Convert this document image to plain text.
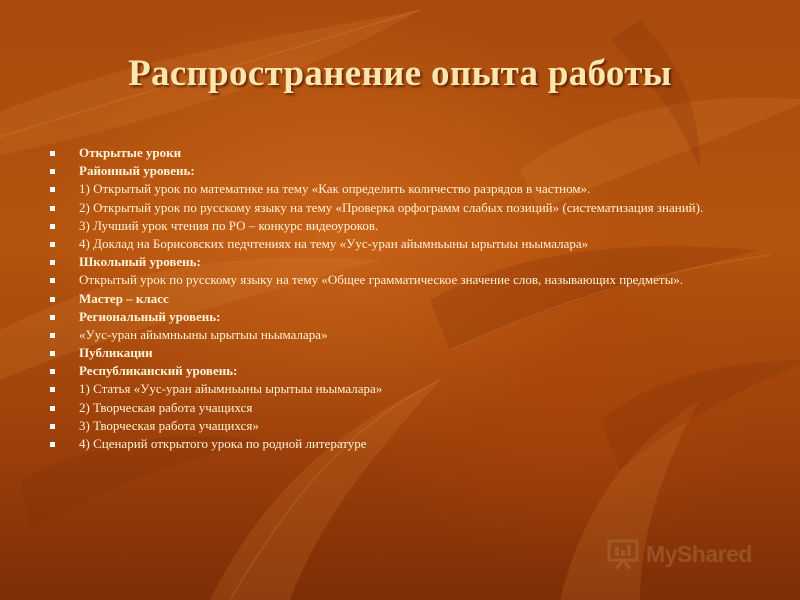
Распространение опыта работы
Открытые уроки
Районный уровень:
1) Открытый урок по математнке на тему «Как определить количество разрядов в частном».
2) Открытый урок по русскому языку на тему «Проверка орфограмм слабых позиций» (систематизация знаний).
3) Лучший урок чтения по РО – конкурс видеоуроков.
4) Доклад на Борисовских педчтениях на тему «Уус-уран айымньыны ырытыы ньымалара»
Школьный уровень:
Открытый урок по русскому языку на тему «Общее грамматическое значение слов, называющих предметы».
Мастер – класс
Региональный уровень:
«Уус-уран айымньыны ырытыы ньымалара»
Публикации
Республиканский уровень:
1) Статья «Уус-уран айымньыны ырытыы ньымалара»
2) Творческая работа учащихся
3) Творческая работа учащихся»
4) Сценарий открытого урока по родной литературе
MyShared
